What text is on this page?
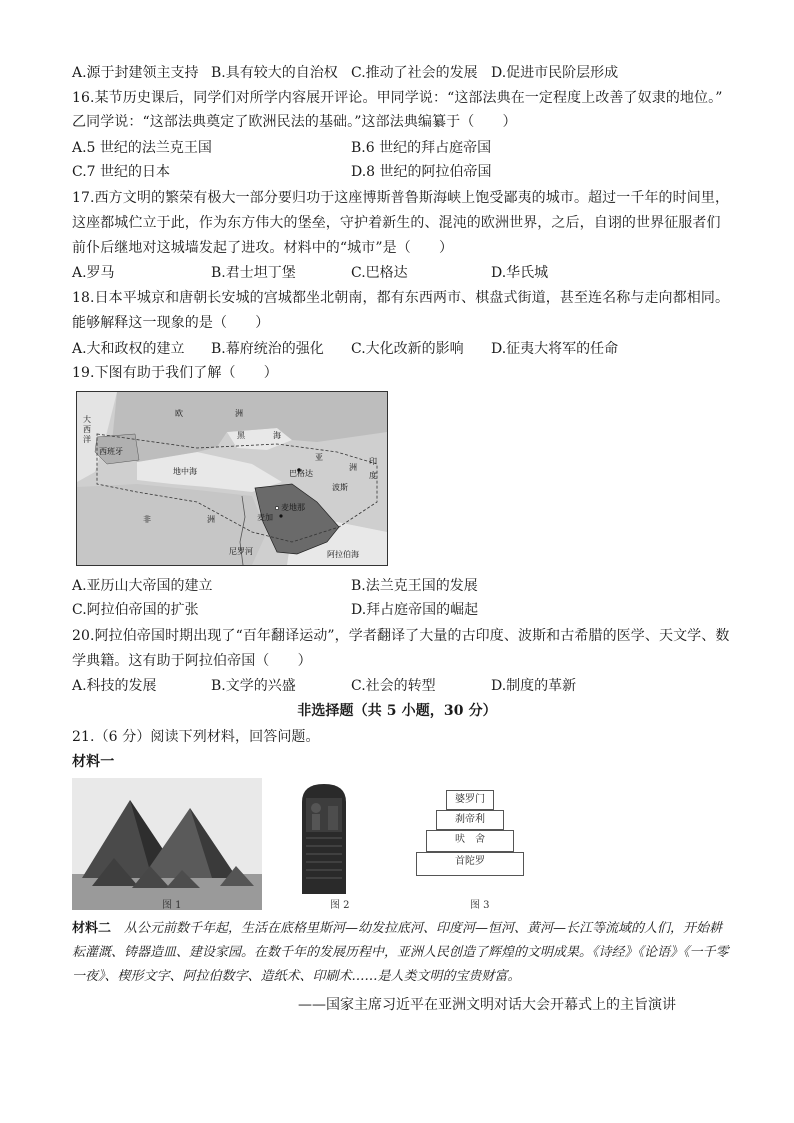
A.源于封建领主支持 B.具有较大的自治权 C.推动了社会的发展 D.促进市民阶层形成
16.某节历史课后，同学们对所学内容展开评论。甲同学说：“这部法典在一定程度上改善了奴隶的地位。”
乙同学说：“这部法典奠定了欧洲民法的基础。”这部法典编纂于（　　）
A.5 世纪的法兰克王国	B.6 世纪的拜占庭帝国
C.7 世纪的日本	D.8 世纪的阿拉伯帝国
17.西方文明的繁荣有极大一部分要归功于这座博斯普鲁斯海峡上饱受鄙夷的城市。超过一千年的时间里，
这座都城伫立于此，作为东方伟大的堡垒，守护着新生的、混沌的欧洲世界，之后，自诩的世界征服者们
前仆后继地对这城墙发起了进攻。材料中的“城市”是（　　）
A.罗马	B.君士坦丁堡	C.巴格达	D.华氏城
18.日本平城京和唐朝长安城的宫城都坐北朝南，都有东西两市、棋盘式街道，甚至连名称与走向都相同。
能够解释这一现象的是（　　）
A.大和政权的建立 B.幕府统治的强化 C.大化改新的影响 D.征夷大将军的任命
19.下图有助于我们了解（　　）
欧	洲
大
西
洋
西班牙
黑	海
亚
洲
印
度
巴格达
波斯
非	洲	麦加
麦地那
阿拉伯海
尼罗河
地中海
A.亚历山大帝国的建立	B.法兰克王国的发展
C.阿拉伯帝国的扩张	D.拜占庭帝国的崛起
20.阿拉伯帝国时期出现了“百年翻译运动”，学者翻译了大量的古印度、波斯和古希腊的医学、天文学、数
学典籍。这有助于阿拉伯帝国（　　）
A.科技的发展	B.文学的兴盛	C.社会的转型	D.制度的革新
非选择题（共 5 小题，30 分）
21.（6 分）阅读下列材料，回答问题。
材料一
图 1	图 2
婆罗门
刹帝利
吠　舍
首陀罗
图 3
材料二　 从公元前数千年起，生活在底格里斯河—幼发拉底河、印度河—恒河、黄河—长江等流域的人们，开始耕耘灌溉、铸器造皿、建设家园。在数千年的发展历程中，亚洲人民创造了辉煌的文明成果。《诗经》《论语》《一千零一夜》、楔形文字、阿拉伯数字、造纸术、印刷术……是人类文明的宝贵财富。
——国家主席习近平在亚洲文明对话大会开幕式上的主旨演讲
